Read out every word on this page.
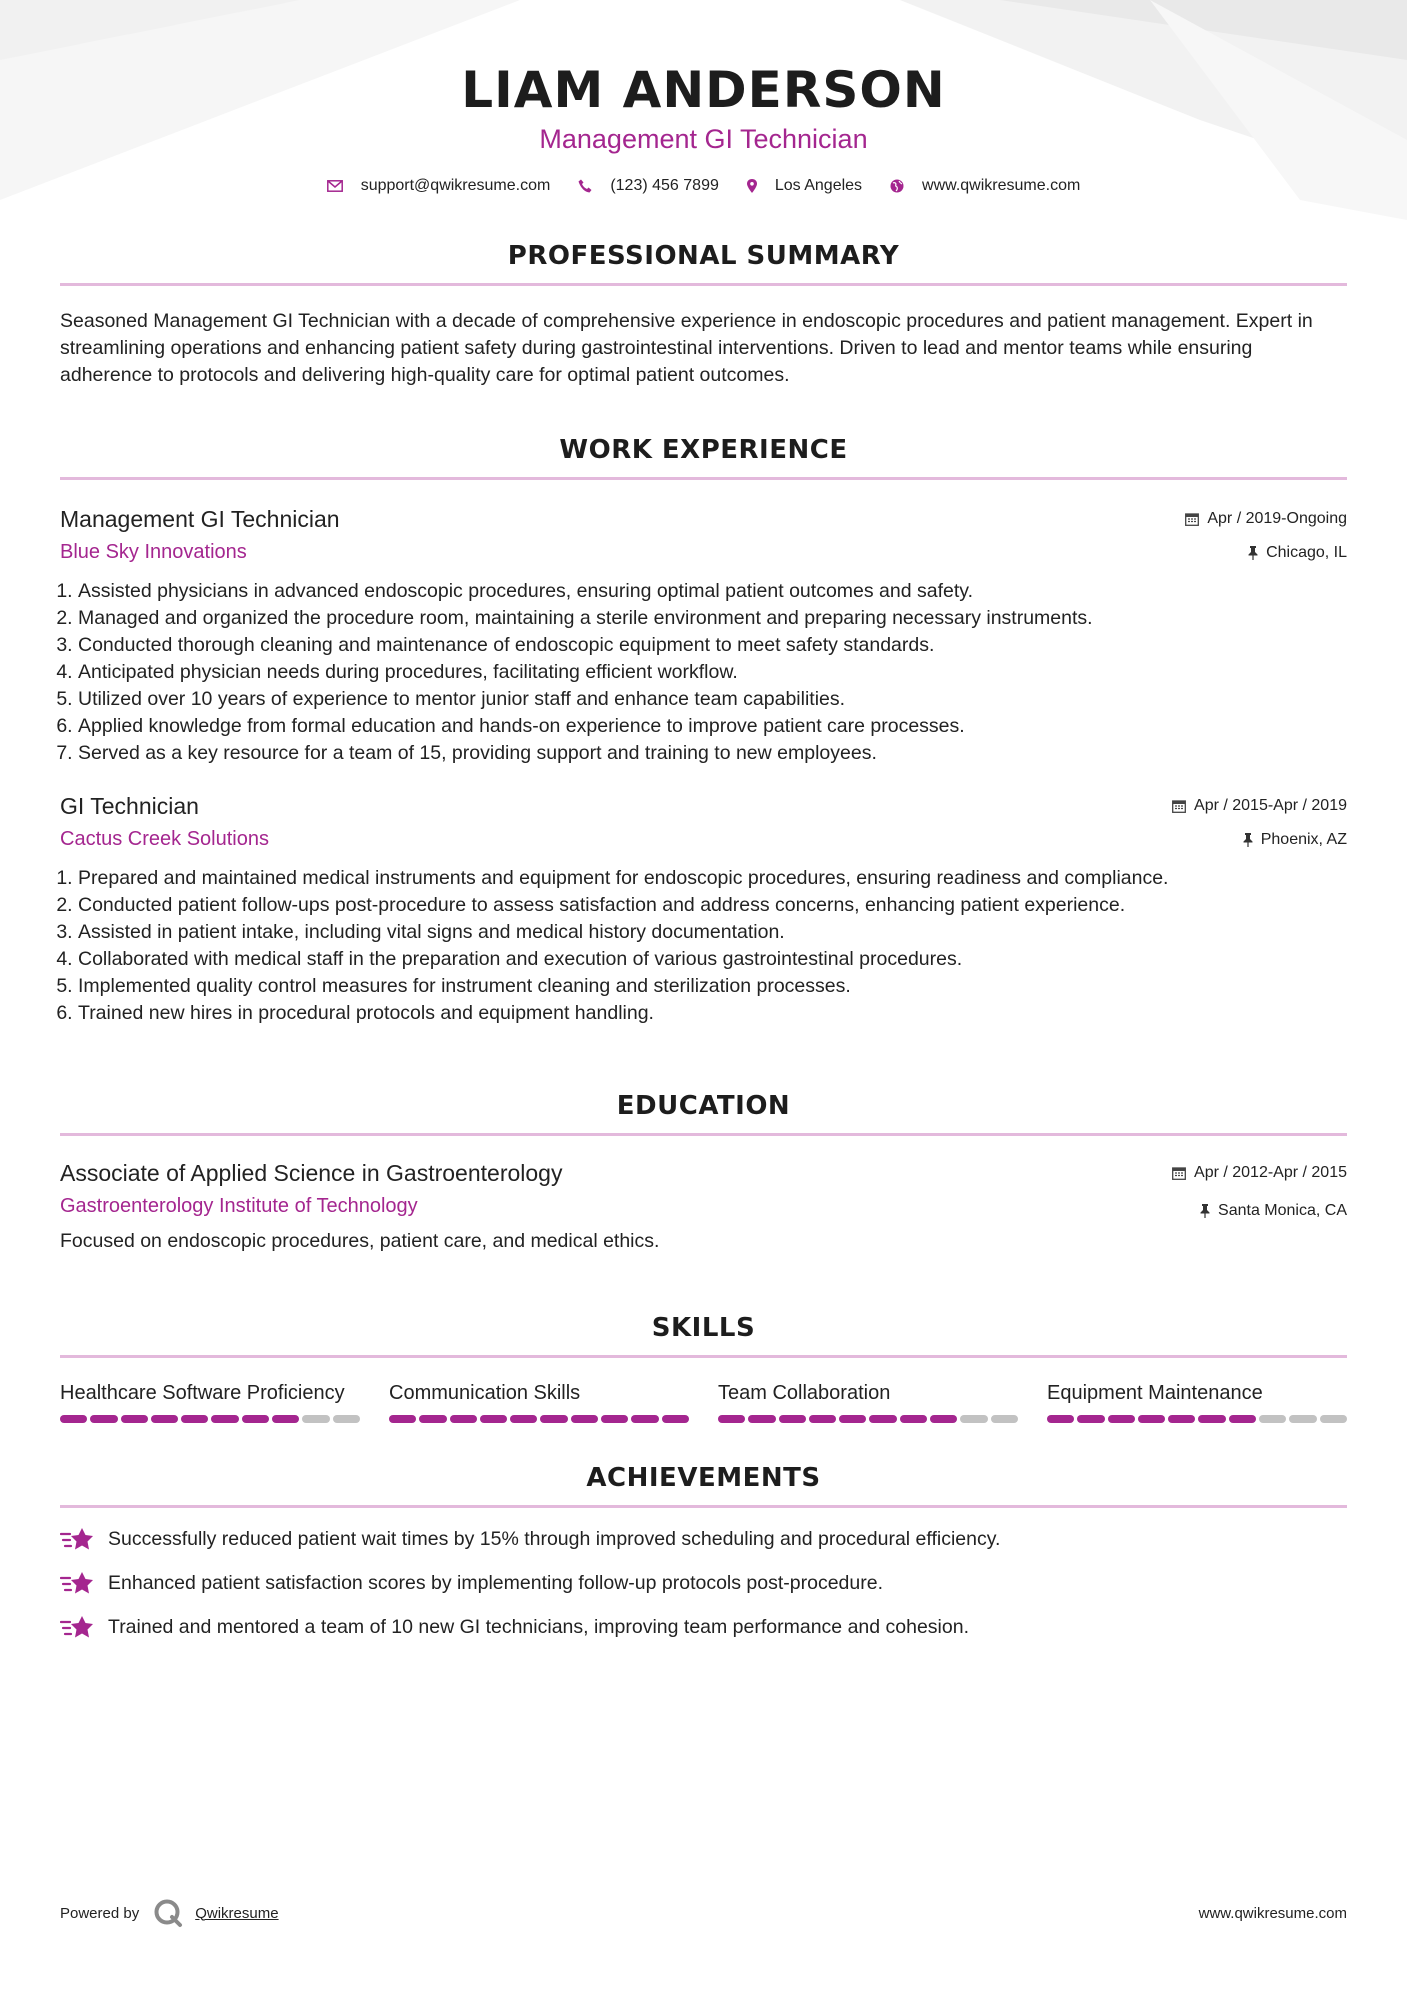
LIAM ANDERSON
Management GI Technician
support@qwikresume.com	(123) 456 7899	Los Angeles	www.qwikresume.com
PROFESSIONAL SUMMARY

Seasoned Management GI Technician with a decade of comprehensive experience in endoscopic procedures and patient management. Expert in streamlining operations and enhancing patient safety during gastrointestinal interventions. Driven to lead and mentor teams while ensuring adherence to protocols and delivering high-quality care for optimal patient outcomes.

WORK EXPERIENCE
Management GI Technician
Blue Sky Innovations
Apr / 2019-Ongoing
Chicago, IL
1. Assisted physicians in advanced endoscopic procedures, ensuring optimal patient outcomes and safety.
2. Managed and organized the procedure room, maintaining a sterile environment and preparing necessary instruments.
3. Conducted thorough cleaning and maintenance of endoscopic equipment to meet safety standards.
4. Anticipated physician needs during procedures, facilitating efficient workflow.
5. Utilized over 10 years of experience to mentor junior staff and enhance team capabilities.
6. Applied knowledge from formal education and hands-on experience to improve patient care processes.
7. Served as a key resource for a team of 15, providing support and training to new employees.
GI Technician
Cactus Creek Solutions
Apr / 2015-Apr / 2019
Phoenix, AZ
1. Prepared and maintained medical instruments and equipment for endoscopic procedures, ensuring readiness and compliance.
2. Conducted patient follow-ups post-procedure to assess satisfaction and address concerns, enhancing patient experience.
3. Assisted in patient intake, including vital signs and medical history documentation.
4. Collaborated with medical staff in the preparation and execution of various gastrointestinal procedures.
5. Implemented quality control measures for instrument cleaning and sterilization processes.
6. Trained new hires in procedural protocols and equipment handling.
EDUCATION
Associate of Applied Science in Gastroenterology
Gastroenterology Institute of Technology
Apr / 2012-Apr / 2015
Santa Monica, CA
Focused on endoscopic procedures, patient care, and medical ethics.
SKILLS
Healthcare Software Proficiency	Communication Skills	Team Collaboration	Equipment Maintenance
ACHIEVEMENTS
Successfully reduced patient wait times by 15% through improved scheduling and procedural efficiency.
Enhanced patient satisfaction scores by implementing follow-up protocols post-procedure.
Trained and mentored a team of 10 new GI technicians, improving team performance and cohesion.
Powered by	Qwikresume	www.qwikresume.com
